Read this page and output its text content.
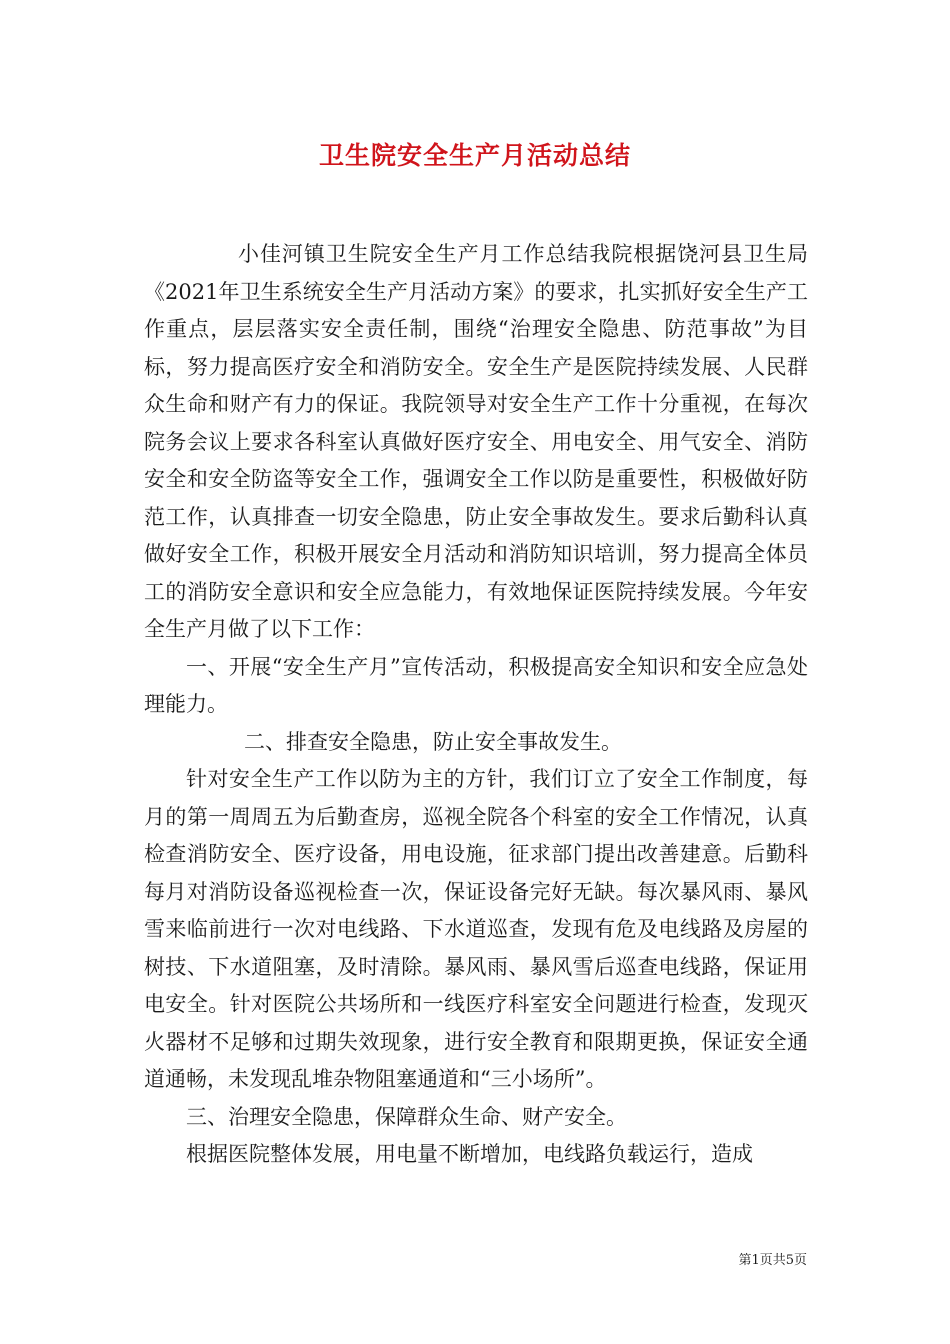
卫生院安全生产月活动总结

小佳河镇卫生院安全生产月工作总结我院根据饶河县卫生局《2021年卫生系统安全生产月活动方案》的要求，扎实抓好安全生产工作重点，层层落实安全责任制，围绕“治理安全隐患、防范事故”为目标，努力提高医疗安全和消防安全。安全生产是医院持续发展、人民群众生命和财产有力的保证。我院领导对安全生产工作十分重视，在每次院务会议上要求各科室认真做好医疗安全、用电安全、用气安全、消防安全和安全防盗等安全工作，强调安全工作以防是重要性，积极做好防范工作，认真排查一切安全隐患，防止安全事故发生。要求后勤科认真做好安全工作，积极开展安全月活动和消防知识培训，努力提高全体员工的消防安全意识和安全应急能力，有效地保证医院持续发展。今年安全生产月做了以下工作：

一、开展“安全生产月”宣传活动，积极提高安全知识和安全应急处理能力。

二、排查安全隐患，防止安全事故发生。

针对安全生产工作以防为主的方针，我们订立了安全工作制度，每月的第一周周五为后勤查房，巡视全院各个科室的安全工作情况，认真检查消防安全、医疗设备，用电设施，征求部门提出改善建意。后勤科每月对消防设备巡视检查一次，保证设备完好无缺。每次暴风雨、暴风雪来临前进行一次对电线路、下水道巡查，发现有危及电线路及房屋的树技、下水道阻塞，及时清除。暴风雨、暴风雪后巡查电线路，保证用电安全。针对医院公共场所和一线医疗科室安全问题进行检查，发现灭火器材不足够和过期失效现象，进行安全教育和限期更换，保证安全通道通畅，未发现乱堆杂物阻塞通道和“三小场所”。

三、治理安全隐患，保障群众生命、财产安全。

根据医院整体发展，用电量不断增加，电线路负载运行，造成

第1页共5页
